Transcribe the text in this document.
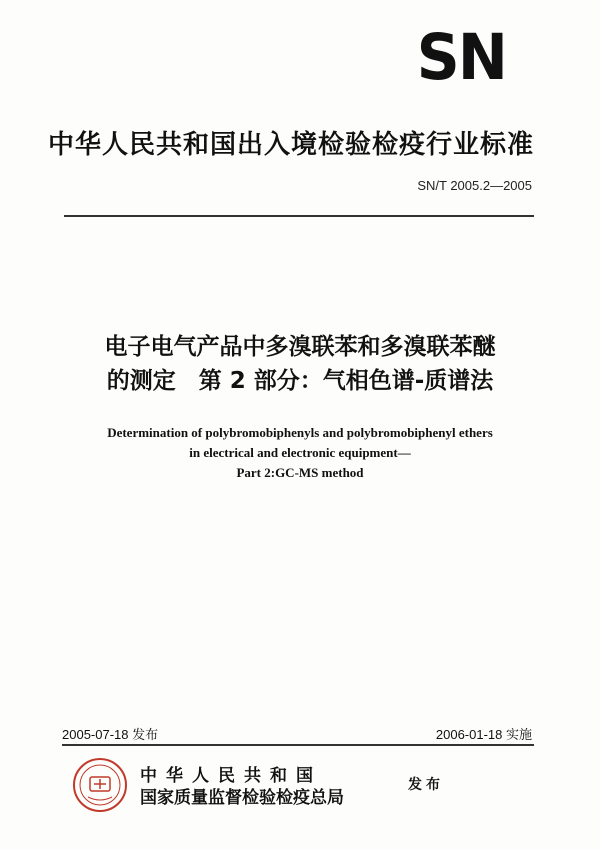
SN
中华人民共和国出入境检验检疫行业标准
SN/T 2005.2—2005
电子电气产品中多溴联苯和多溴联苯醚
的测定　第 2 部分：气相色谱-质谱法
Determination of polybromobiphenyls and polybromobiphenyl ethers
in electrical and electronic equipment—
Part 2:GC-MS method
2005-07-18 发布	2006-01-18 实施
中华人民共和国
国家质量监督检验检疫总局
发布
